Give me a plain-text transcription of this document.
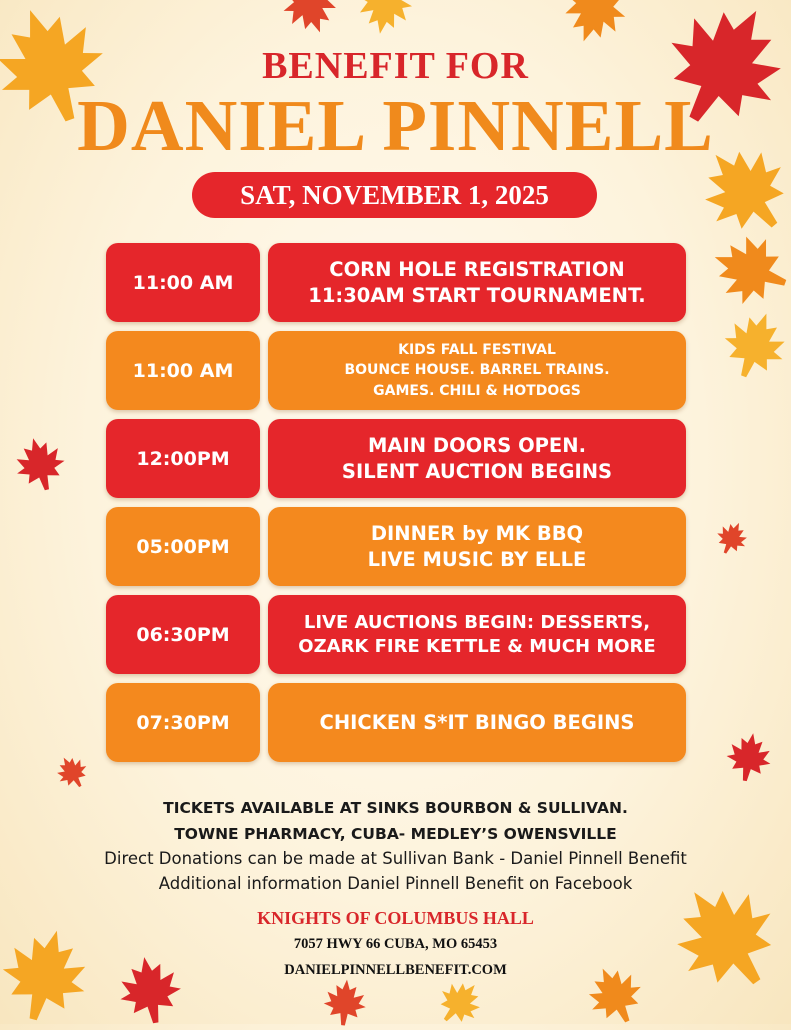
BENEFIT FOR
DANIEL PINNELL
SAT, NOVEMBER 1, 2025
11:00 AM
CORN HOLE REGISTRATION
11:30AM START TOURNAMENT.
11:00 AM
KIDS FALL FESTIVAL
BOUNCE HOUSE. BARREL TRAINS.
GAMES. CHILI & HOTDOGS
12:00PM
MAIN DOORS OPEN.
SILENT AUCTION BEGINS
05:00PM
DINNER by MK BBQ
LIVE MUSIC BY ELLE
06:30PM
LIVE AUCTIONS BEGIN: DESSERTS,
OZARK FIRE KETTLE & MUCH MORE
07:30PM	CHICKEN S*IT BINGO BEGINS
TICKETS AVAILABLE AT SINKS BOURBON & SULLIVAN.
TOWNE PHARMACY, CUBA- MEDLEY’S OWENSVILLE
Direct Donations can be made at Sullivan Bank - Daniel Pinnell Benefit
Additional information Daniel Pinnell Benefit on Facebook
KNIGHTS OF COLUMBUS HALL
7057 HWY 66 CUBA, MO 65453
DANIELPINNELLBENEFIT.COM
